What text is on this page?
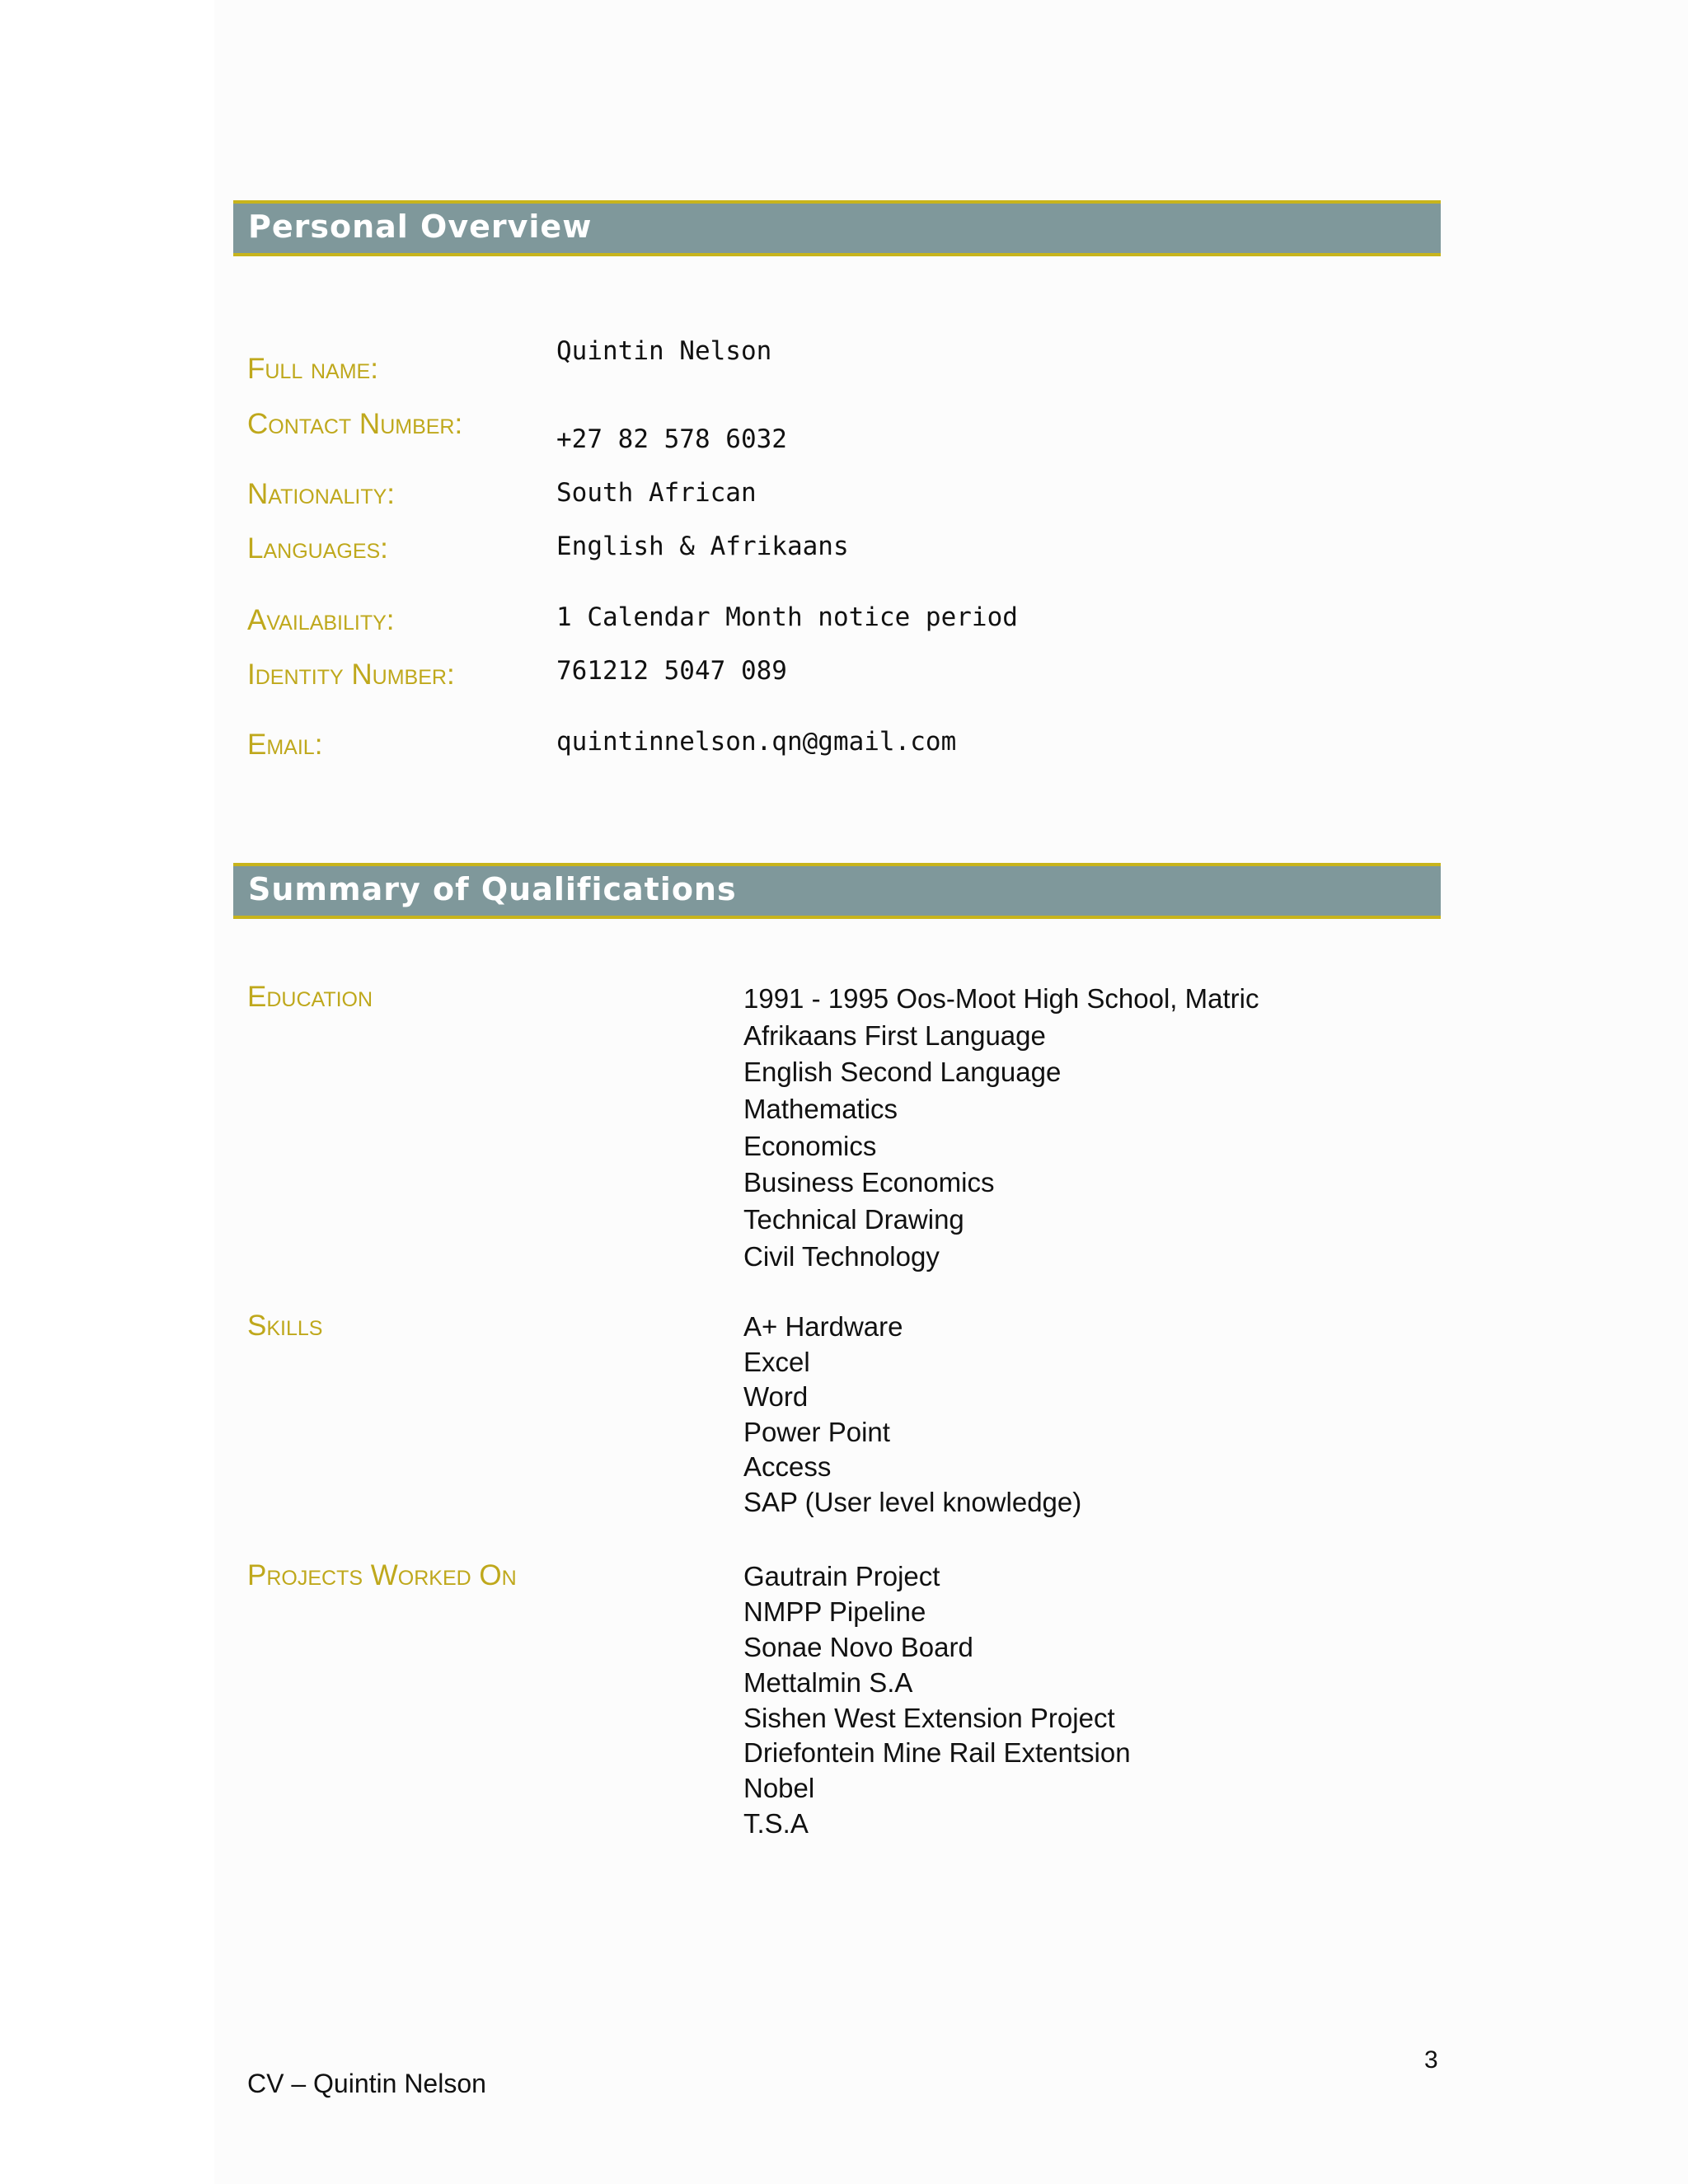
Personal Overview
Full name:
Quintin Nelson
Contact Number:	+27 82 578 6032
Nationality:	South African
Languages:	English & Afrikaans
Availability:	1 Calendar Month notice period
Identity Number:	761212 5047 089
Email:	quintinnelson.qn@gmail.com
Summary of Qualifications
Education	1991 - 1995 Oos-Moot High School, Matric
Afrikaans First Language
English Second Language
Mathematics
Economics
Business Economics
Technical Drawing
Civil Technology
Skills	A+ Hardware
Excel
Word
Power Point
Access
SAP (User level knowledge)
Projects Worked On	Gautrain Project
NMPP Pipeline
Sonae Novo Board
Mettalmin S.A
Sishen West Extension Project
Driefontein Mine Rail Extentsion
Nobel
T.S.A
3
CV – Quintin Nelson
